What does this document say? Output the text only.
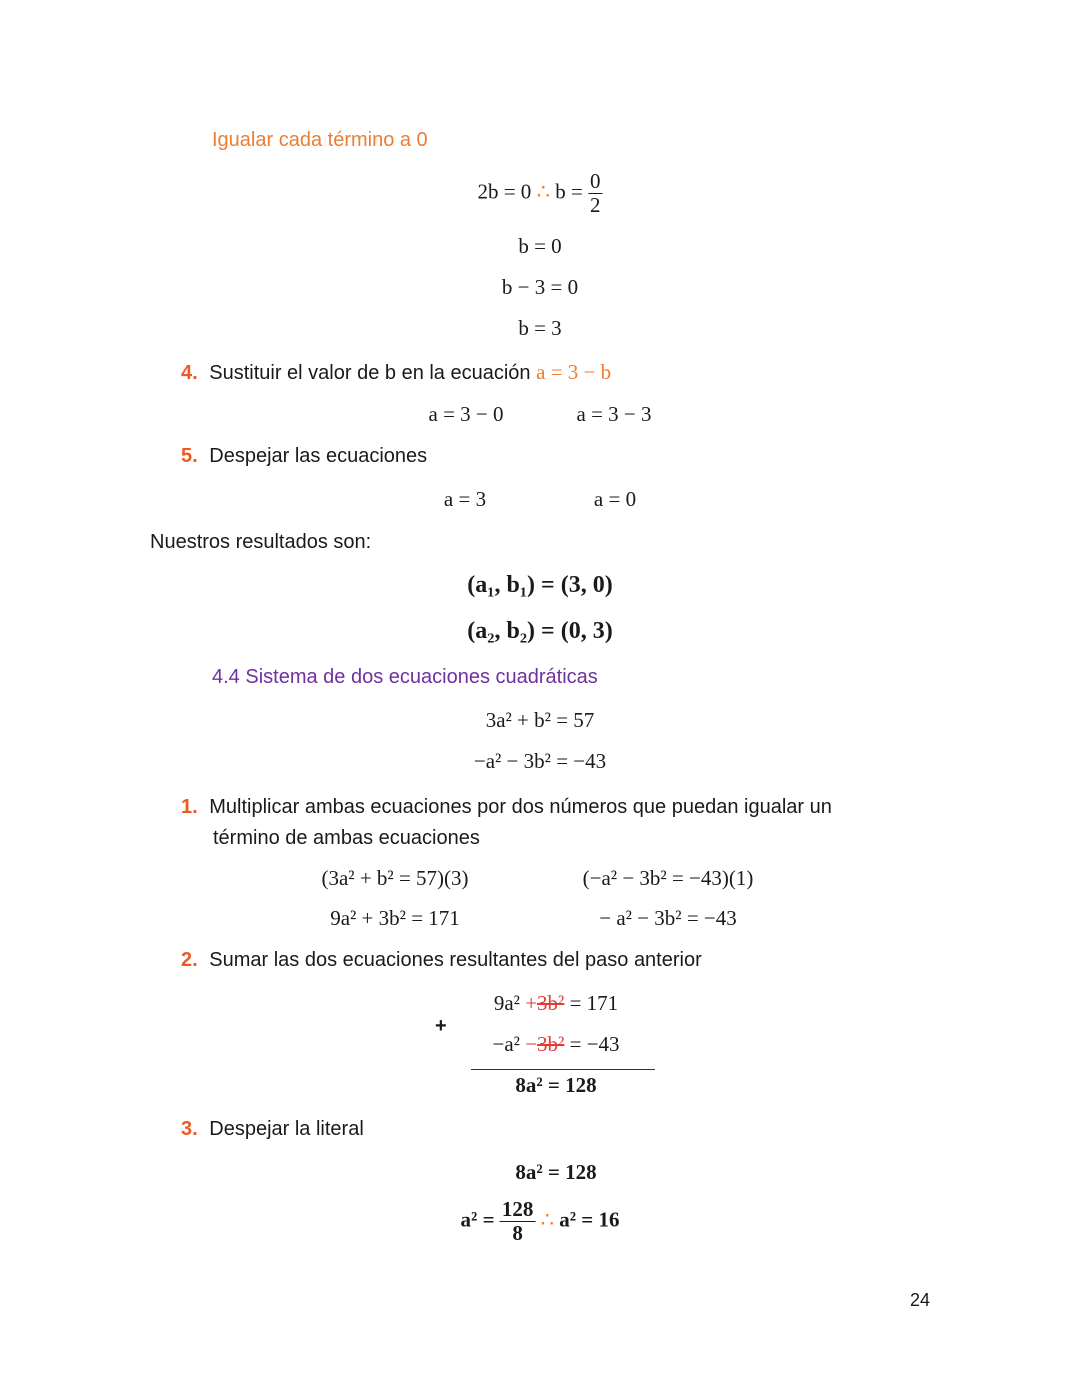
Igualar cada término a 0
2b = 0 ∴ $b = \frac{0}{2}$
b = 0
b − 3 = 0
b = 3
4. Sustituir el valor de b en la ecuación a = 3 − b
a = 3 − 0	a = 3 − 3
5. Despejar las ecuaciones
a = 3	a = 0
Nuestros resultados son:
(a₁, b₁) = (3, 0)
(a₂, b₂) = (0, 3)
4.4 Sistema de dos ecuaciones cuadráticas
3a² + b² = 57
−a² − 3b² = −43
1. Multiplicar ambas ecuaciones por dos números que puedan igualar un
término de ambas ecuaciones
(3a² + b² = 57)(3)	(−a² − 3b² = −43)(1)
9a² + 3b² = 171	− a² − 3b² = −43
2. Sumar las dos ecuaciones resultantes del paso anterior
+
9a² +3b² = 171
−a² −3b² = −43
8a² = 128
3. Despejar la literal
8a² = 128
$a^2 = \frac{128}{8}$ ∴ a² = 16
24
